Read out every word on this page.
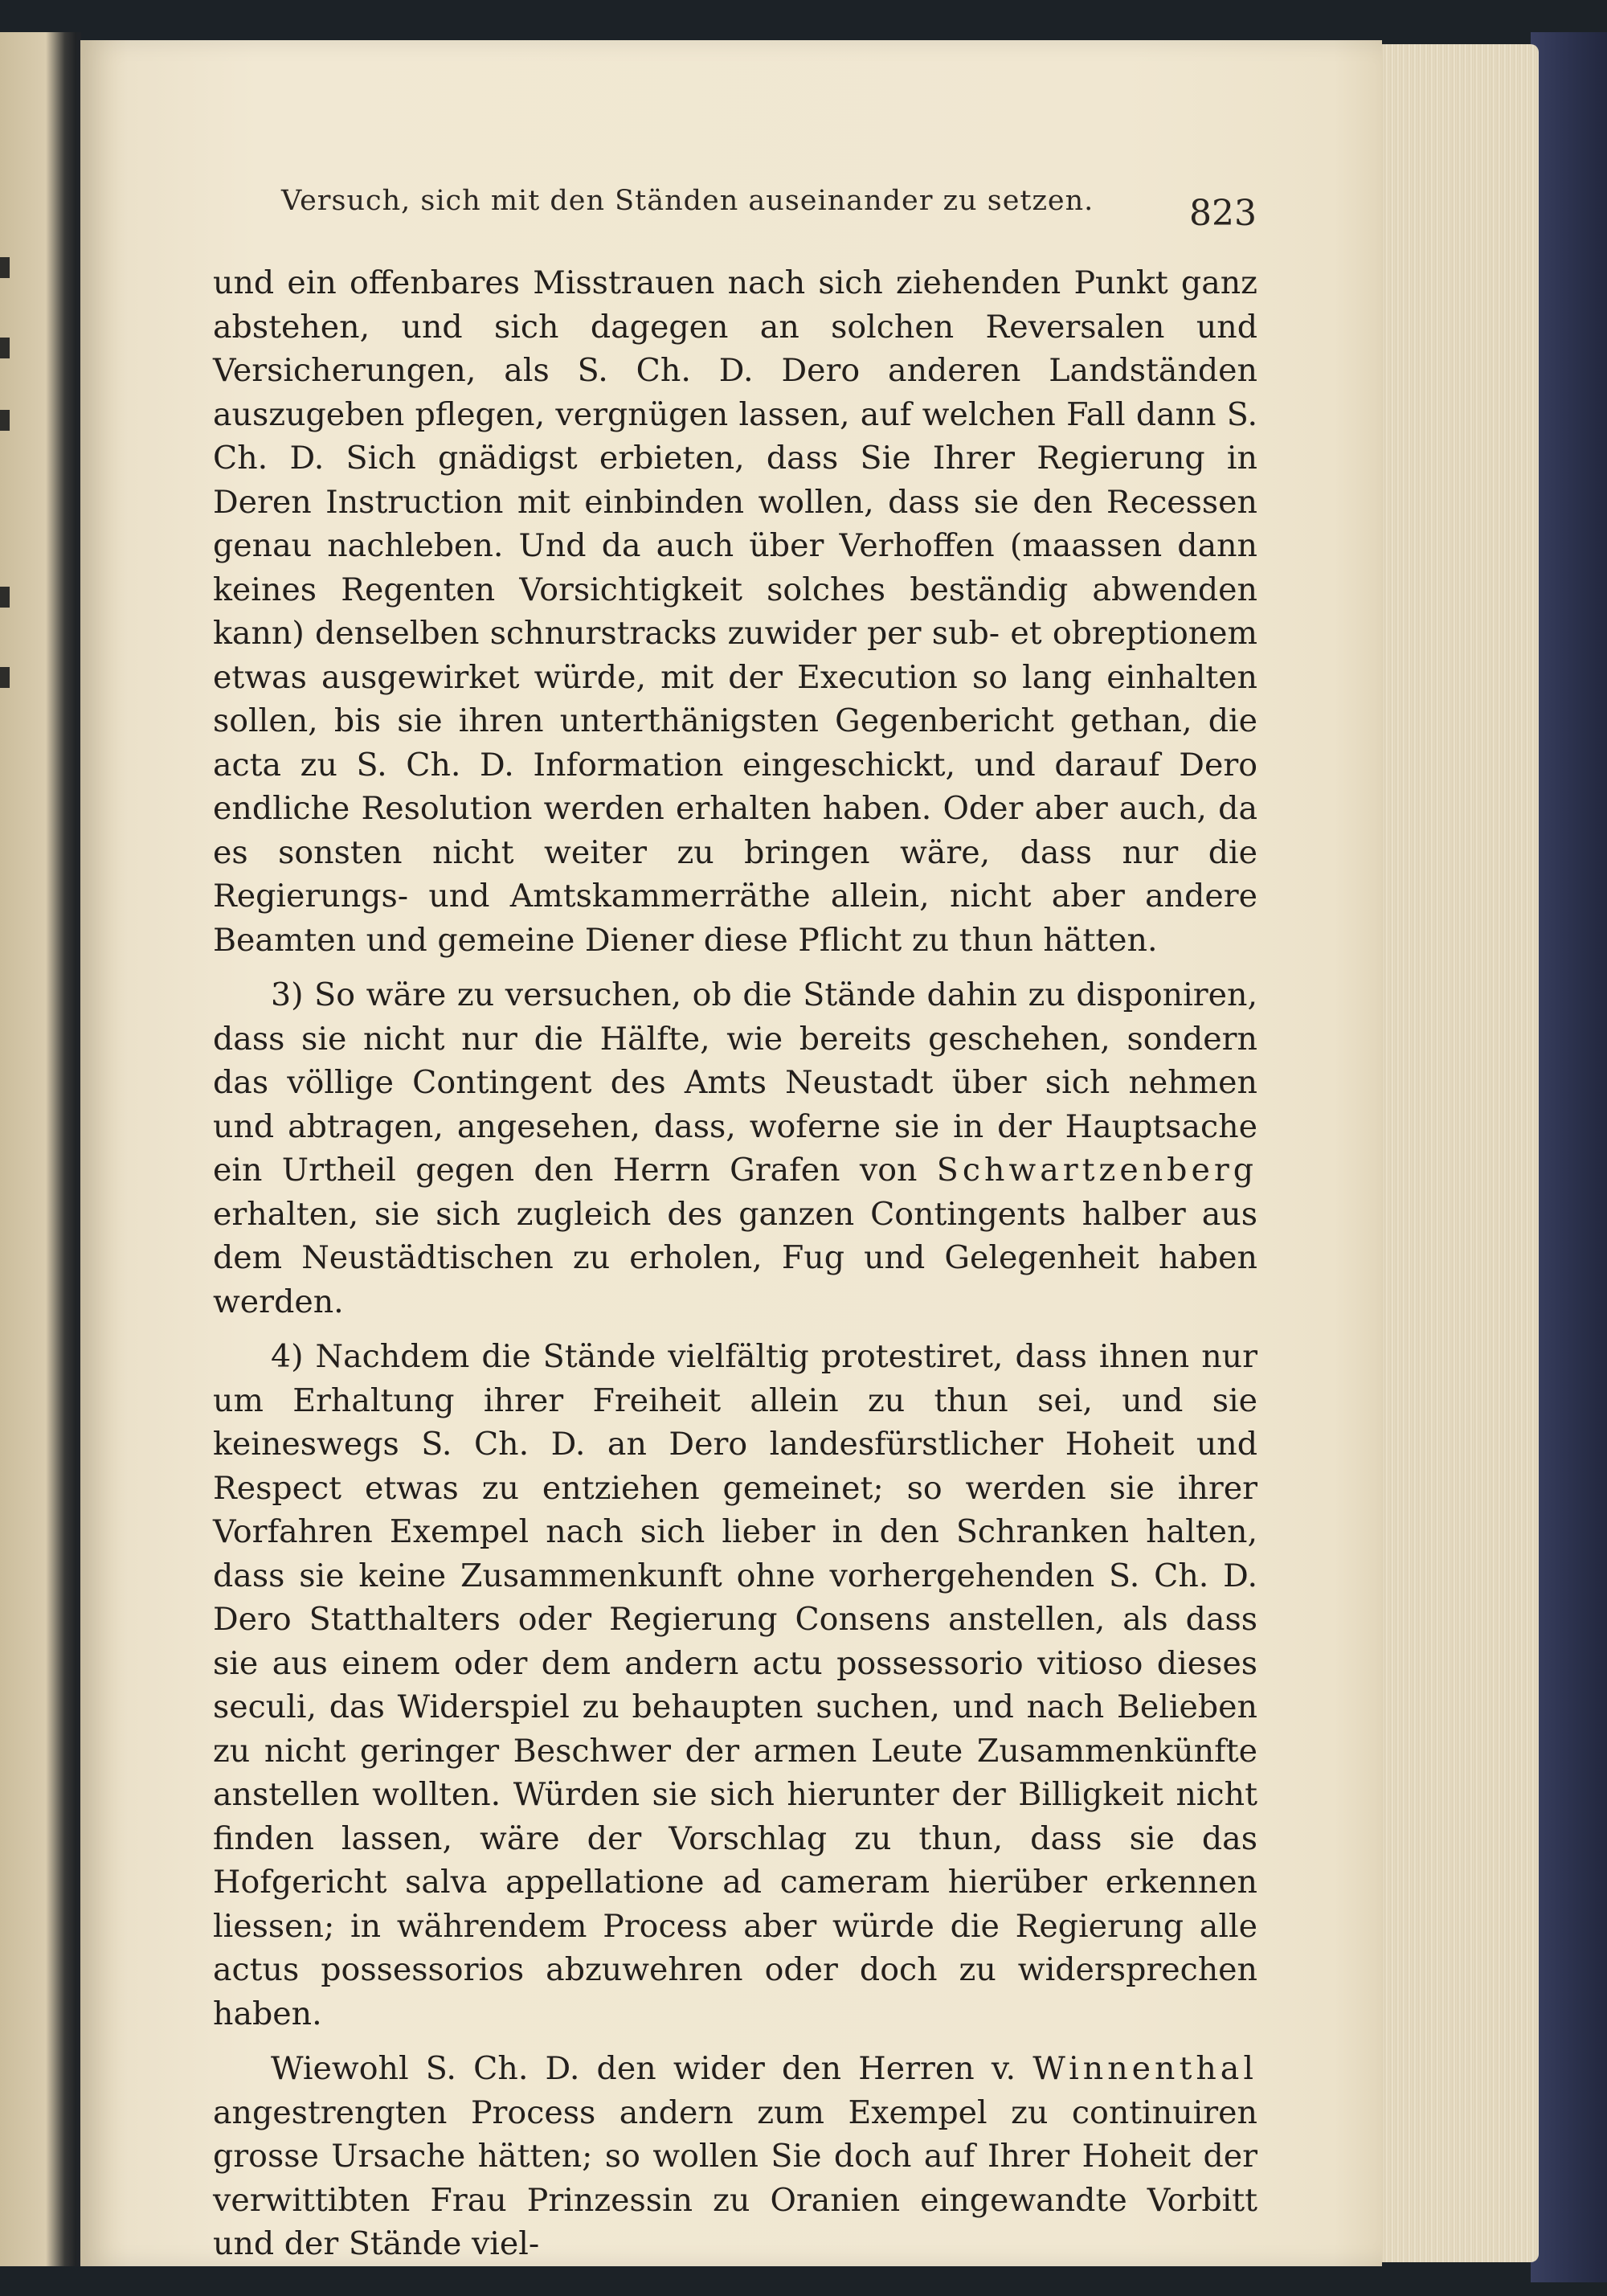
Versuch, sich mit den Ständen auseinander zu setzen.	823

und ein offenbares Misstrauen nach sich ziehenden Punkt ganz abstehen, und sich dagegen an solchen Reversalen und Versicherungen, als S. Ch. D. Dero anderen Landständen auszugeben pflegen, vergnügen lassen, auf welchen Fall dann S. Ch. D. Sich gnädigst erbieten, dass Sie Ihrer Regierung in Deren Instruction mit einbinden wollen, dass sie den Recessen genau nachleben. Und da auch über Verhoffen (maassen dann keines Regenten Vorsichtigkeit solches beständig abwenden kann) denselben schnurstracks zuwider per sub- et obreptionem etwas ausgewirket würde, mit der Execution so lang einhalten sollen, bis sie ihren unterthänigsten Gegenbericht gethan, die acta zu S. Ch. D. Information eingeschickt, und darauf Dero endliche Resolution werden erhalten haben. Oder aber auch, da es sonsten nicht weiter zu bringen wäre, dass nur die Regierungs- und Amtskammerräthe allein, nicht aber andere Beamten und gemeine Diener diese Pflicht zu thun hätten.

3) So wäre zu versuchen, ob die Stände dahin zu disponiren, dass sie nicht nur die Hälfte, wie bereits geschehen, sondern das völlige Contingent des Amts Neustadt über sich nehmen und abtragen, angesehen, dass, woferne sie in der Hauptsache ein Urtheil gegen den Herrn Grafen von Schwartzenberg erhalten, sie sich zugleich des ganzen Contingents halber aus dem Neustädtischen zu erholen, Fug und Gelegenheit haben werden.

4) Nachdem die Stände vielfältig protestiret, dass ihnen nur um Erhaltung ihrer Freiheit allein zu thun sei, und sie keineswegs S. Ch. D. an Dero landesfürstlicher Hoheit und Respect etwas zu entziehen gemeinet; so werden sie ihrer Vorfahren Exempel nach sich lieber in den Schranken halten, dass sie keine Zusammenkunft ohne vorhergehenden S. Ch. D. Dero Statthalters oder Regierung Consens anstellen, als dass sie aus einem oder dem andern actu possessorio vitioso dieses seculi, das Widerspiel zu behaupten suchen, und nach Belieben zu nicht geringer Beschwer der armen Leute Zusammenkünfte anstellen wollten. Würden sie sich hierunter der Billigkeit nicht finden lassen, wäre der Vorschlag zu thun, dass sie das Hofgericht salva appellatione ad cameram hierüber erkennen liessen; in währendem Process aber würde die Regierung alle actus possessorios abzuwehren oder doch zu widersprechen haben.

Wiewohl S. Ch. D. den wider den Herren v. Winnenthal angestrengten Process andern zum Exempel zu continuiren grosse Ursache hätten; so wollen Sie doch auf Ihrer Hoheit der verwittibten Frau Prinzessin zu Oranien eingewandte Vorbitt und der Stände viel-
